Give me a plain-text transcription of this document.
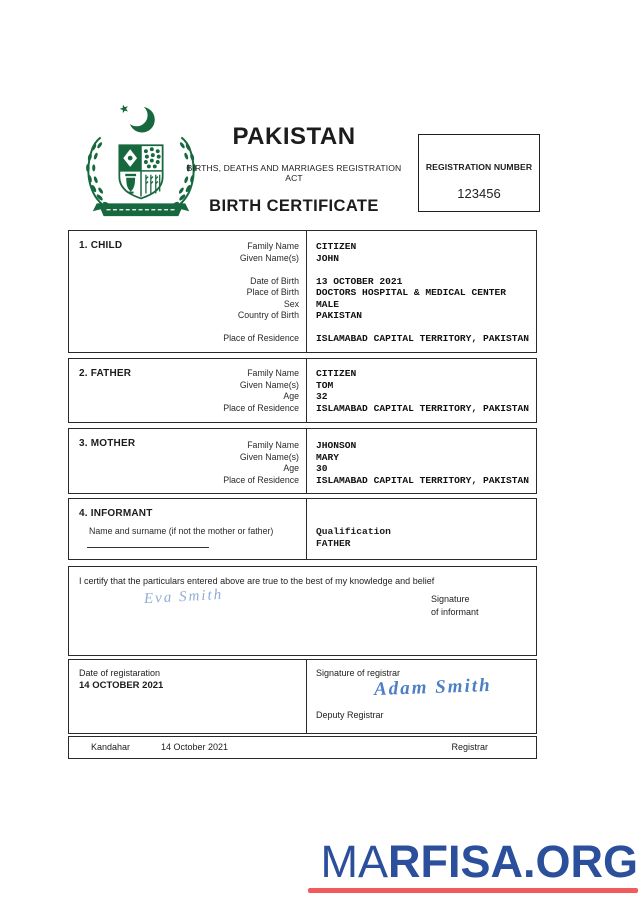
PAKISTAN
BIRTHS, DEATHS AND MARRIAGES REGISTRATION ACT
BIRTH CERTIFICATE
REGISTRATION NUMBER
123456
1. CHILD	Family Name	CITIZEN
Given Name(s)	JOHN
Date of Birth	13 OCTOBER 2021
Place of Birth	DOCTORS HOSPITAL & MEDICAL CENTER
Sex	MALE
Country of Birth	PAKISTAN
Place of Residence	ISLAMABAD CAPITAL TERRITORY, PAKISTAN
2. FATHER	Family Name	CITIZEN
Given Name(s)	TOM
Age	32
Place of Residence	ISLAMABAD CAPITAL TERRITORY, PAKISTAN
3. MOTHER	Family Name	JHONSON
Given Name(s)	MARY
Age	30
Place of Residence	ISLAMABAD CAPITAL TERRITORY, PAKISTAN
4. INFORMANT
Name and surname (if not the mother or father)	Qualification
FATHER
I certify that the particulars entered above are true to the best of my knowledge and belief
Eva Smith	Signature
of informant
Date of registaration
14 OCTOBER 2021
Signature of registrar
Adam Smith
Deputy Registrar
Kandahar	14 October 2021	Registrar
MARFISA.ORG
